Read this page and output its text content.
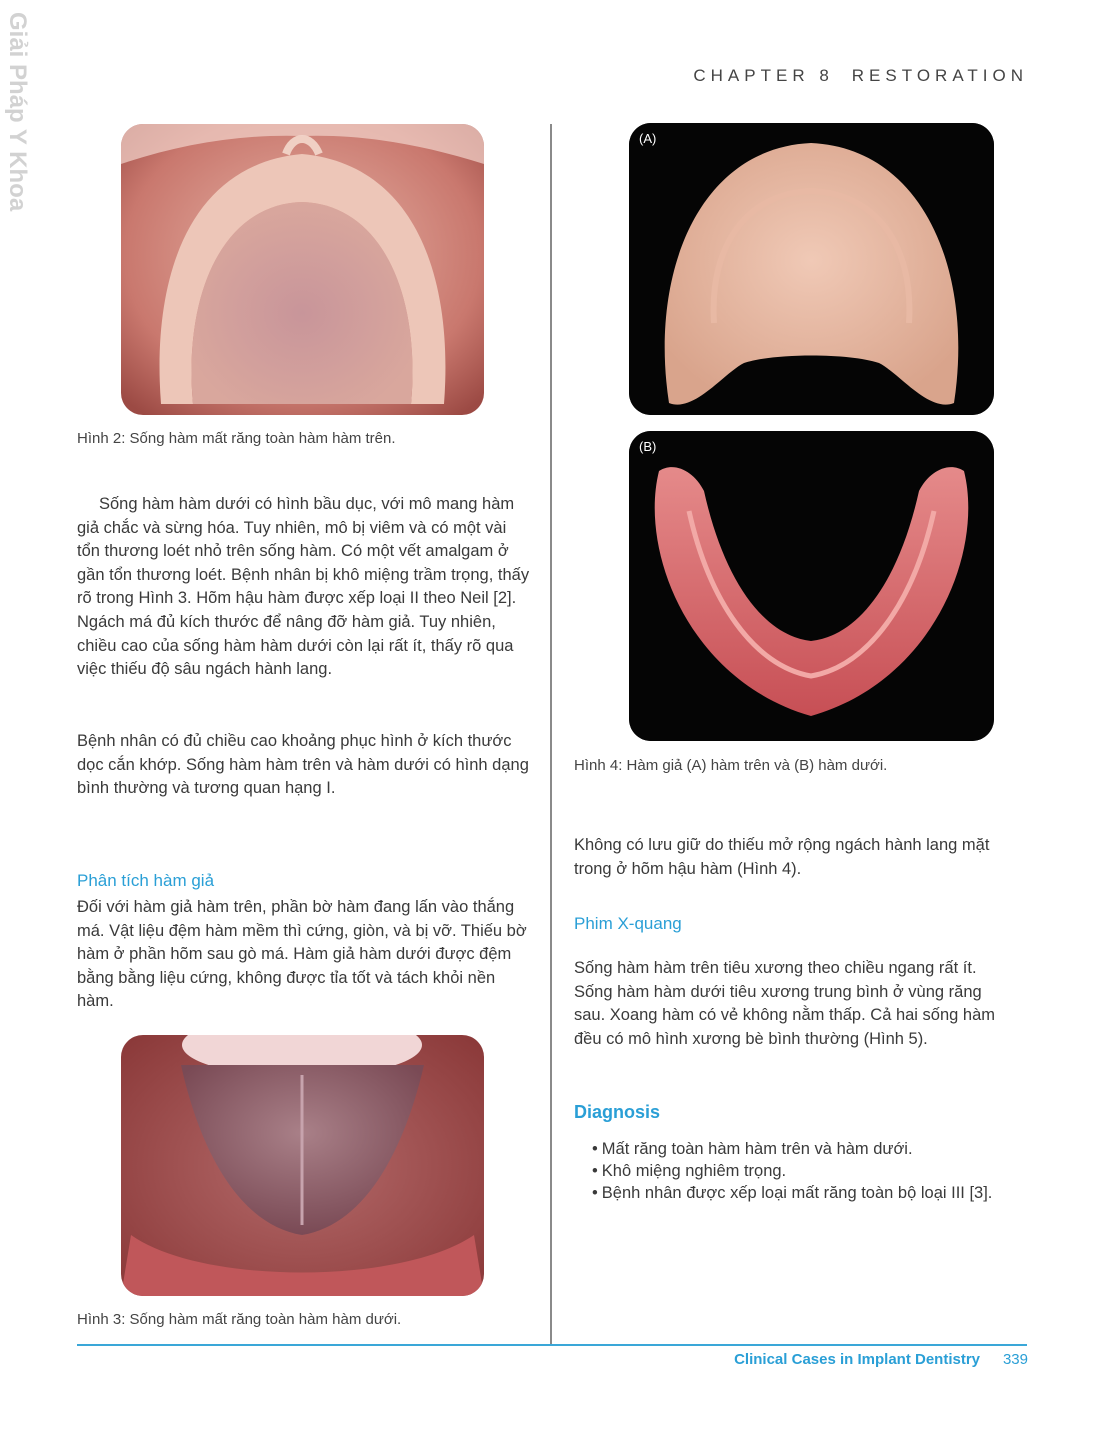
Giải Pháp Y Khoa	CHAPTER 8 RESTORATION
Hình 2: Sống hàm mất răng toàn hàm hàm trên.

Sống hàm hàm dưới có hình bầu dục, với mô mang hàm giả chắc và sừng hóa. Tuy nhiên, mô bị viêm và có một vài tổn thương loét nhỏ trên sống hàm. Có một vết amalgam ở gần tổn thương loét. Bệnh nhân bị khô miệng trầm trọng, thấy rõ trong Hình 3. Hõm hậu hàm được xếp loại II theo Neil [2]. Ngách má đủ kích thước để nâng đỡ hàm giả. Tuy nhiên, chiều cao của sống hàm hàm dưới còn lại rất ít, thấy rõ qua việc thiếu độ sâu ngách hành lang.

Bệnh nhân có đủ chiều cao khoảng phục hình ở kích thước dọc cắn khớp. Sống hàm hàm trên và hàm dưới có hình dạng bình thường và tương quan hạng I.

Phân tích hàm giả

Đối với hàm giả hàm trên, phần bờ hàm đang lấn vào thắng má. Vật liệu đệm hàm mềm thì cứng, giòn, và bị vỡ. Thiếu bờ hàm ở phần hõm sau gò má. Hàm giả hàm dưới được đệm bằng bằng liệu cứng, không được tỉa tốt và tách khỏi nền hàm.

Hình 3: Sống hàm mất răng toàn hàm hàm dưới.
(A)
(B)
Hình 4: Hàm giả (A) hàm trên và (B) hàm dưới.

Không có lưu giữ do thiếu mở rộng ngách hành lang mặt trong ở hõm hậu hàm (Hình 4).

Phim X-quang

Sống hàm hàm trên tiêu xương theo chiều ngang rất ít. Sống hàm hàm dưới tiêu xương trung bình ở vùng răng sau. Xoang hàm có vẻ không nằm thấp. Cả hai sống hàm đều có mô hình xương bè bình thường (Hình 5).

Diagnosis
• Mất răng toàn hàm hàm trên và hàm dưới.
• Khô miệng nghiêm trọng.
• Bệnh nhân được xếp loại mất răng toàn bộ loại III [3].
Clinical Cases in Implant Dentistry 339
